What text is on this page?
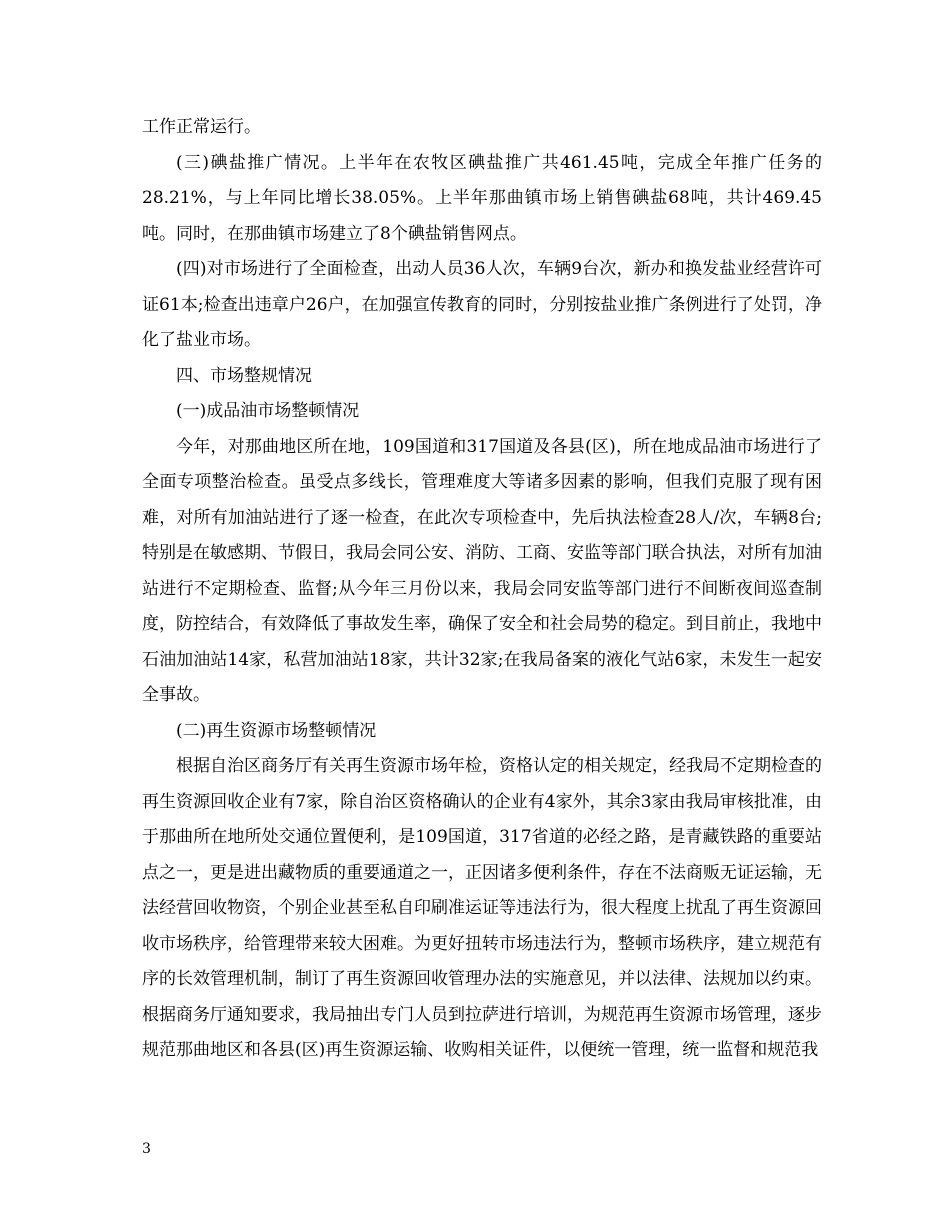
工作正常运行。

(三)碘盐推广情况。上半年在农牧区碘盐推广共461.45吨，完成全年推广任务的28.21%，与上年同比增长38.05%。上半年那曲镇市场上销售碘盐68吨，共计469.45吨。同时，在那曲镇市场建立了8个碘盐销售网点。

(四)对市场进行了全面检查，出动人员36人次，车辆9台次，新办和换发盐业经营许可证61本;检查出违章户26户，在加强宣传教育的同时，分别按盐业推广条例进行了处罚，净化了盐业市场。

四、市场整规情况

(一)成品油市场整顿情况

今年，对那曲地区所在地，109国道和317国道及各县(区)，所在地成品油市场进行了全面专项整治检查。虽受点多线长，管理难度大等诸多因素的影响，但我们克服了现有困难，对所有加油站进行了逐一检查，在此次专项检查中，先后执法检查28人/次，车辆8台;特别是在敏感期、节假日，我局会同公安、消防、工商、安监等部门联合执法，对所有加油站进行不定期检查、监督;从今年三月份以来，我局会同安监等部门进行不间断夜间巡查制度，防控结合，有效降低了事故发生率，确保了安全和社会局势的稳定。到目前止，我地中石油加油站14家，私营加油站18家，共计32家;在我局备案的液化气站6家，未发生一起安全事故。

(二)再生资源市场整顿情况

根据自治区商务厅有关再生资源市场年检，资格认定的相关规定，经我局不定期检查的再生资源回收企业有7家，除自治区资格确认的企业有4家外，其余3家由我局审核批准，由于那曲所在地所处交通位置便利，是109国道，317省道的必经之路，是青藏铁路的重要站点之一，更是进出藏物质的重要通道之一，正因诸多便利条件，存在不法商贩无证运输，无法经营回收物资，个别企业甚至私自印刷准运证等违法行为，很大程度上扰乱了再生资源回收市场秩序，给管理带来较大困难。为更好扭转市场违法行为，整顿市场秩序，建立规范有序的长效管理机制，制订了再生资源回收管理办法的实施意见，并以法律、法规加以约束。根据商务厅通知要求，我局抽出专门人员到拉萨进行培训，为规范再生资源市场管理，逐步规范那曲地区和各县(区)再生资源运输、收购相关证件，以便统一管理，统一监督和规范我

3
